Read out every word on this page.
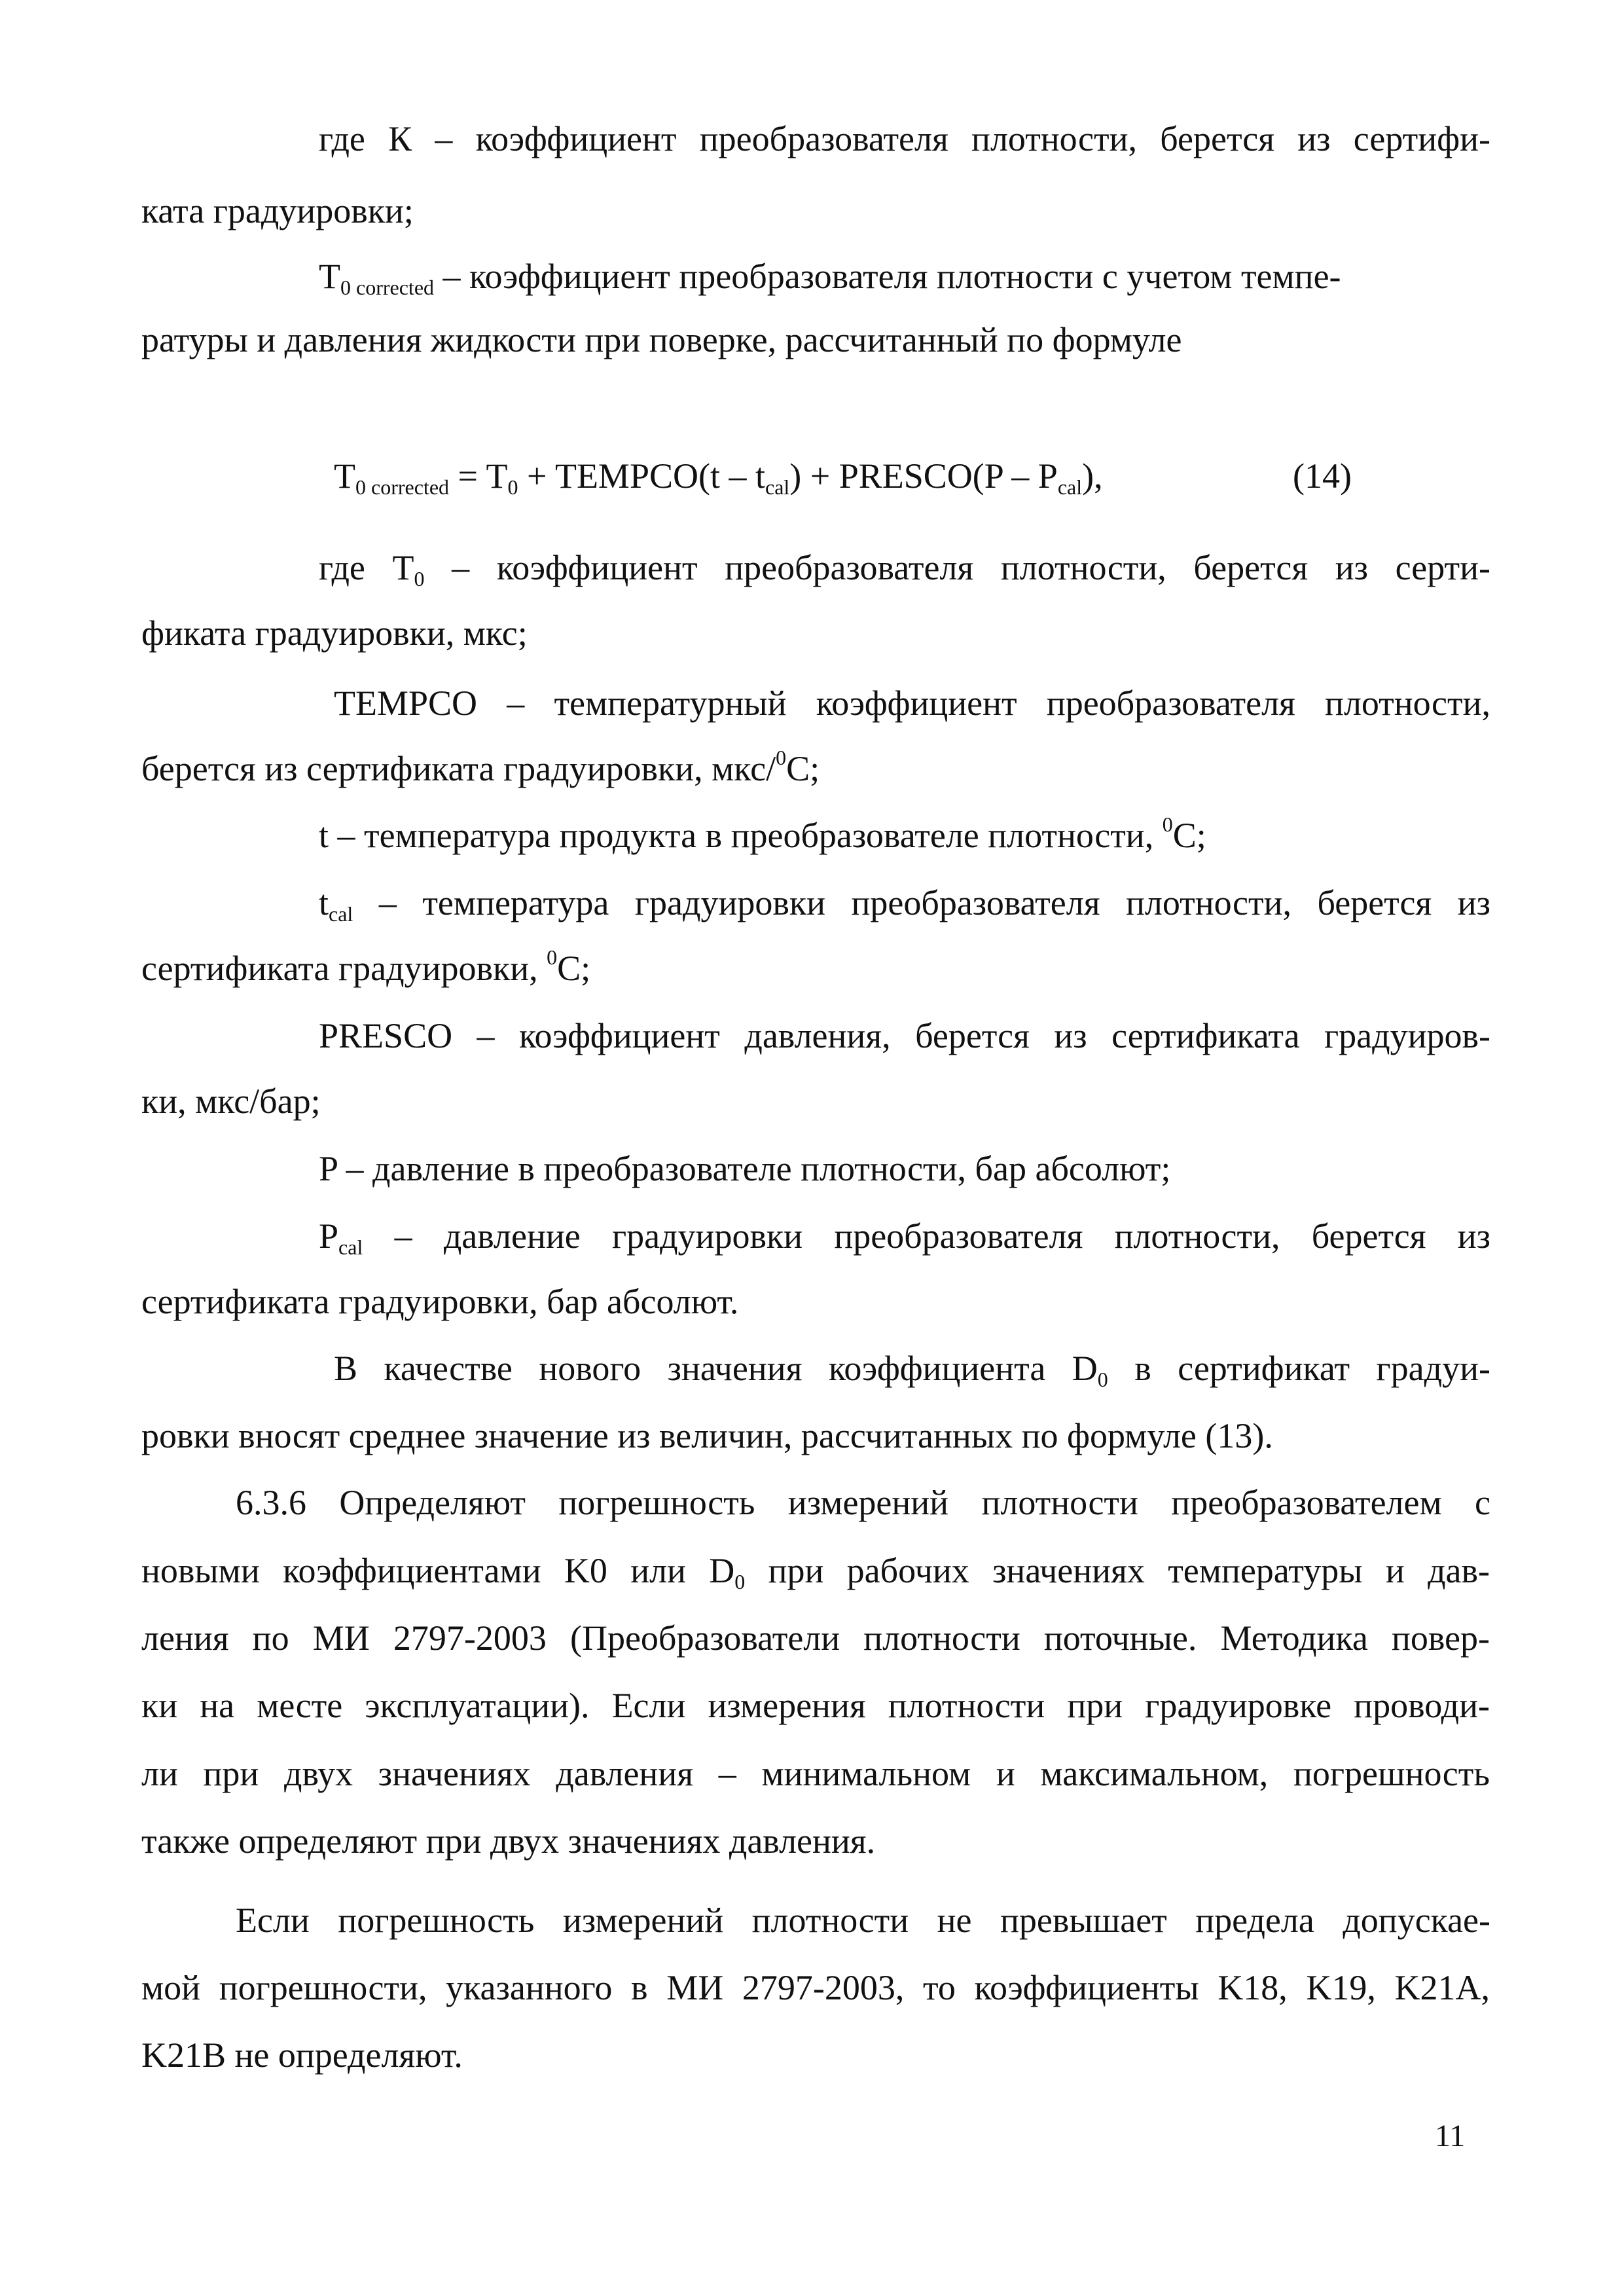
где К – коэффициент преобразователя плотности, берется из сертифи-
ката градуировки;
$T_{0 corrected}$ – коэффициент преобразователя плотности с учетом темпе-
ратуры и давления жидкости при поверке, рассчитанный по формуле
$T_{0 corrected} = T_0$ + TEMPCO(t – $t_{cal}$) + PRESCO(P – $P_{cal}$),	(14)
где $T_0$ – коэффициент преобразователя плотности, берется из серти-
фиката градуировки, мкс;
TEMPCO – температурный коэффициент преобразователя плотности,
берется из сертификата градуировки, мкс/$^0$С;
t – температура продукта в преобразователе плотности, $^0$С;
$t_{cal}$ – температура градуировки преобразователя плотности, берется из
сертификата градуировки, $^0$С;
PRESCO – коэффициент давления, берется из сертификата градуиров-
ки, мкс/бар;
P – давление в преобразователе плотности, бар абсолют;
$P_{cal}$ – давление градуировки преобразователя плотности, берется из
сертификата градуировки, бар абсолют.
В качестве нового значения коэффициента $D_0$ в сертификат градуи-
ровки вносят среднее значение из величин, рассчитанных по формуле (13).
6.3.6 Определяют погрешность измерений плотности преобразователем с
новыми коэффициентами K0 или $D_0$ при рабочих значениях температуры и дав-
ления по МИ 2797-2003 (Преобразователи плотности поточные. Методика повер-
ки на месте эксплуатации). Если измерения плотности при градуировке проводи-
ли при двух значениях давления – минимальном и максимальном, погрешность
также определяют при двух значениях давления.
Если погрешность измерений плотности не превышает предела допускае-
мой погрешности, указанного в МИ 2797-2003, то коэффициенты K18, K19, K21A,
K21B не определяют.
11
